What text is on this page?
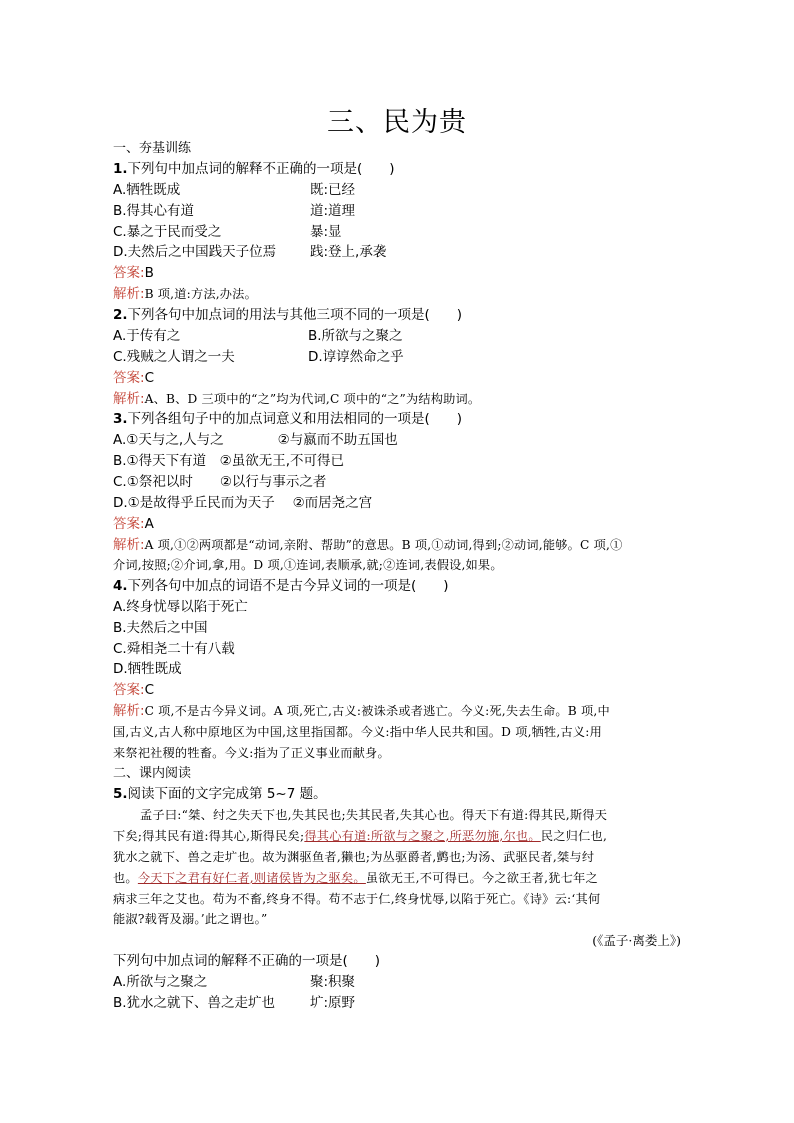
三、民为贵
一、夯基训练
1.下列句中加点词的解释不正确的一项是(　　)
A.牺牲既成	既:已经
B.得其心有道	道:道理
C.暴之于民而受之	暴:显
D.夫然后之中国践天子位焉	践:登上,承袭
答案:B
解析:B 项,道:方法,办法。
2.下列各句中加点词的用法与其他三项不同的一项是(　　)
A.于传有之	B.所欲与之聚之
C.残贼之人谓之一夫	D.谆谆然命之乎
答案:C
解析:A、B、D 三项中的“之”均为代词,C 项中的“之”为结构助词。
3.下列各组句子中的加点词意义和用法相同的一项是(　　)
A.①天与之,人与之　　　　②与嬴而不助五国也
B.①得天下有道　②虽欲无王,不可得已
C.①祭祀以时　　②以行与事示之者
D.①是故得乎丘民而为天子　 ②而居尧之宫
答案:A
解析:A 项,①②两项都是“动词,亲附、帮助”的意思。B 项,①动词,得到;②动词,能够。C 项,①
介词,按照;②介词,拿,用。D 项,①连词,表顺承,就;②连词,表假设,如果。
4.下列各句中加点的词语不是古今异义词的一项是(　　)
A.终身忧辱以陷于死亡
B.夫然后之中国
C.舜相尧二十有八载
D.牺牲既成
答案:C
解析:C 项,不是古今异义词。A 项,死亡,古义:被诛杀或者逃亡。今义:死,失去生命。B 项,中
国,古义,古人称中原地区为中国,这里指国都。今义:指中华人民共和国。D 项,牺牲,古义:用
来祭祀社稷的牲畜。今义:指为了正义事业而献身。
二、课内阅读
5.阅读下面的文字完成第 5~7 题。
孟子曰:“桀、纣之失天下也,失其民也;失其民者,失其心也。得天下有道:得其民,斯得天
下矣;得其民有道:得其心,斯得民矣;得其心有道:所欲与之聚之,所恶勿施,尔也。民之归仁也,
犹水之就下、兽之走圹也。故为渊驱鱼者,獭也;为丛驱爵者,鹯也;为汤、武驱民者,桀与纣
也。今天下之君有好仁者,则诸侯皆为之驱矣。虽欲无王,不可得已。今之欲王者,犹七年之
病求三年之艾也。苟为不畜,终身不得。苟不志于仁,终身忧辱,以陷于死亡。《诗》云:‘其何
能淑?载胥及溺。’此之谓也。”
(《孟子·离娄上》)
下列句中加点词的解释不正确的一项是(　　)
A.所欲与之聚之	聚:积聚
B.犹水之就下、兽之走圹也	圹:原野
